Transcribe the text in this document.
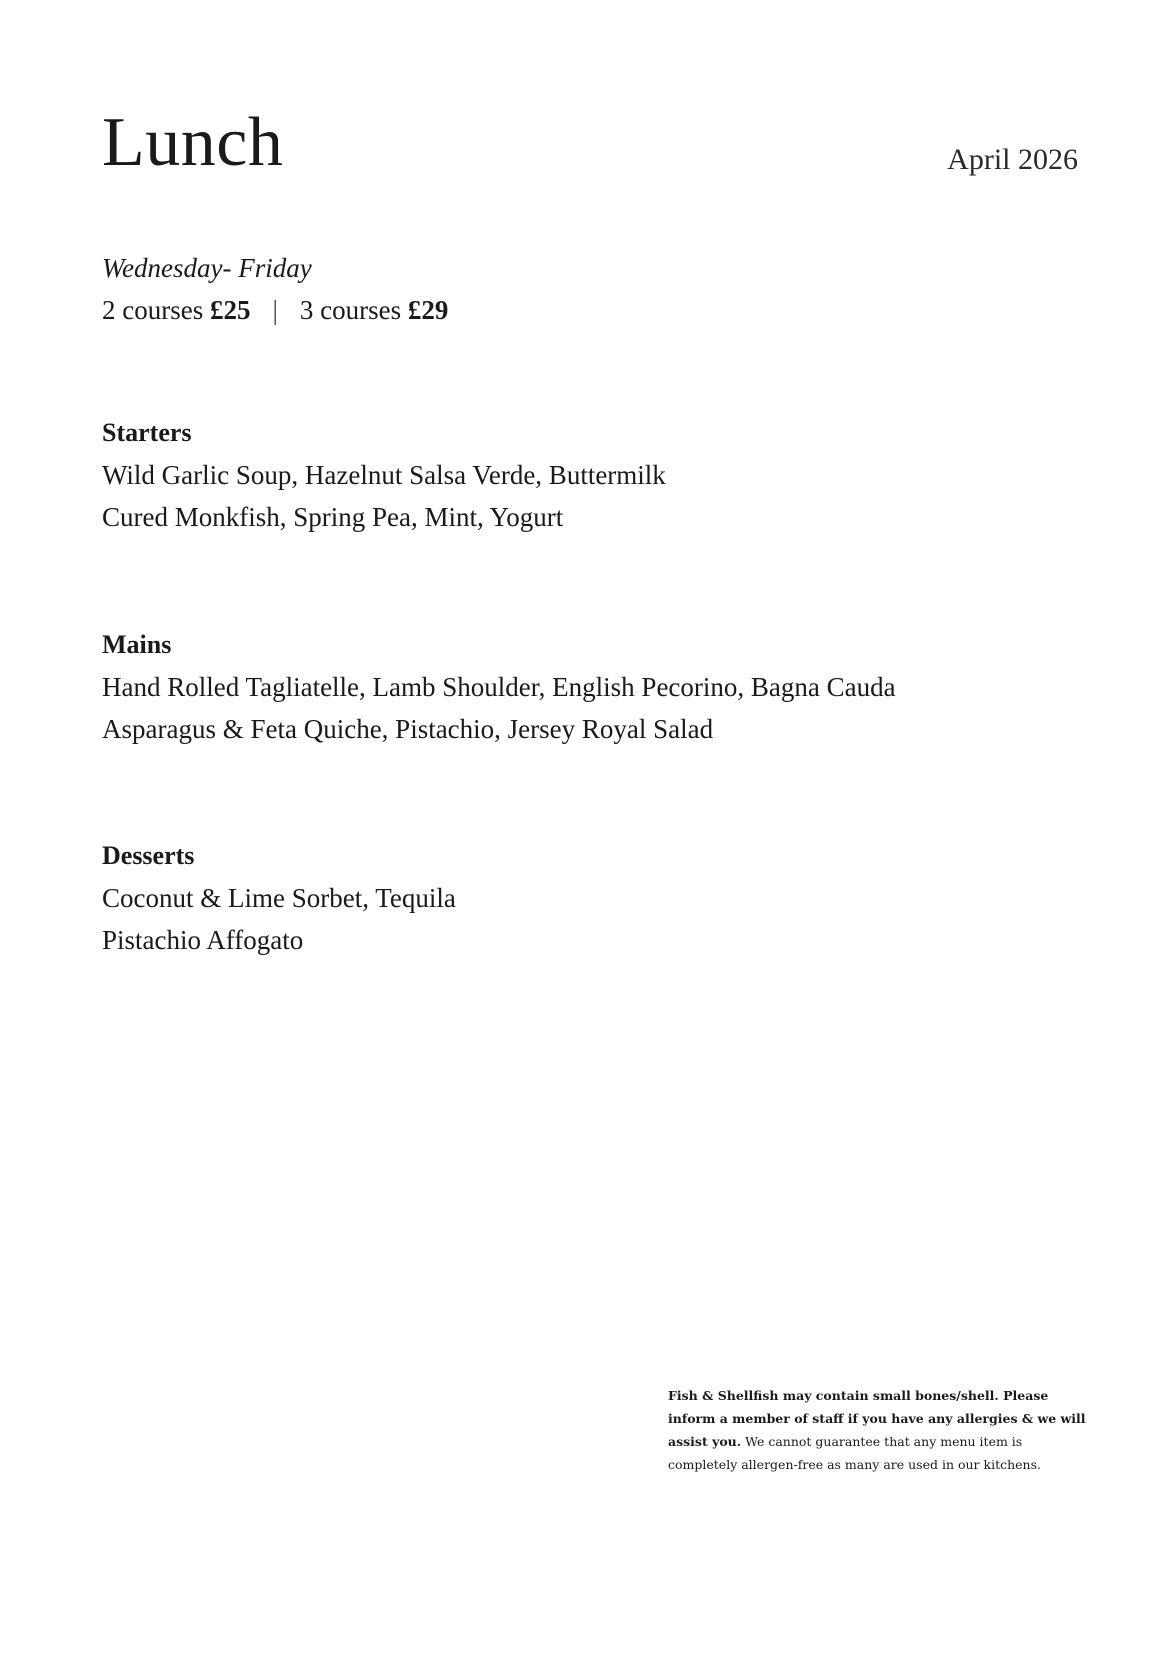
Lunch	April 2026
Wednesday- Friday
2 courses £25 | 3 courses £29
Starters
Wild Garlic Soup, Hazelnut Salsa Verde, Buttermilk
Cured Monkfish, Spring Pea, Mint, Yogurt
Mains
Hand Rolled Tagliatelle, Lamb Shoulder, English Pecorino, Bagna Cauda
Asparagus & Feta Quiche, Pistachio, Jersey Royal Salad
Desserts
Coconut & Lime Sorbet, Tequila
Pistachio Affogato
Fish & Shellfish may contain small bones/shell. Please inform a member of staff if you have any allergies & we will assist you. We cannot guarantee that any menu item is completely allergen-free as many are used in our kitchens.
